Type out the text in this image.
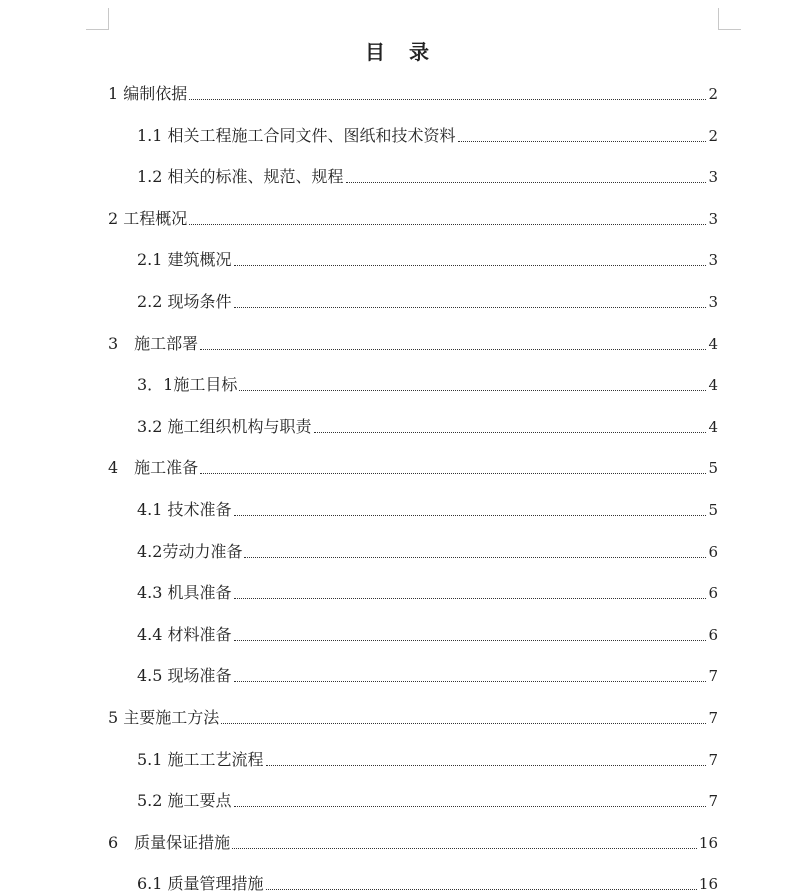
目　录
1 编制依据	2
1.1 相关工程施工合同文件、图纸和技术资料	2
1.2 相关的标准、规范、规程	3
2 工程概况	3
2.1 建筑概况	3
2.2 现场条件	3
3　施工部署	4
3．1施工目标	4
3.2 施工组织机构与职责	4
4　施工准备	5
4.1 技术准备	5
4.2劳动力准备	6
4.3 机具准备	6
4.4 材料准备	6
4.5 现场准备	7
5 主要施工方法	7
5.1 施工工艺流程	7
5.2 施工要点	7
6　质量保证措施	16
6.1 质量管理措施	16
